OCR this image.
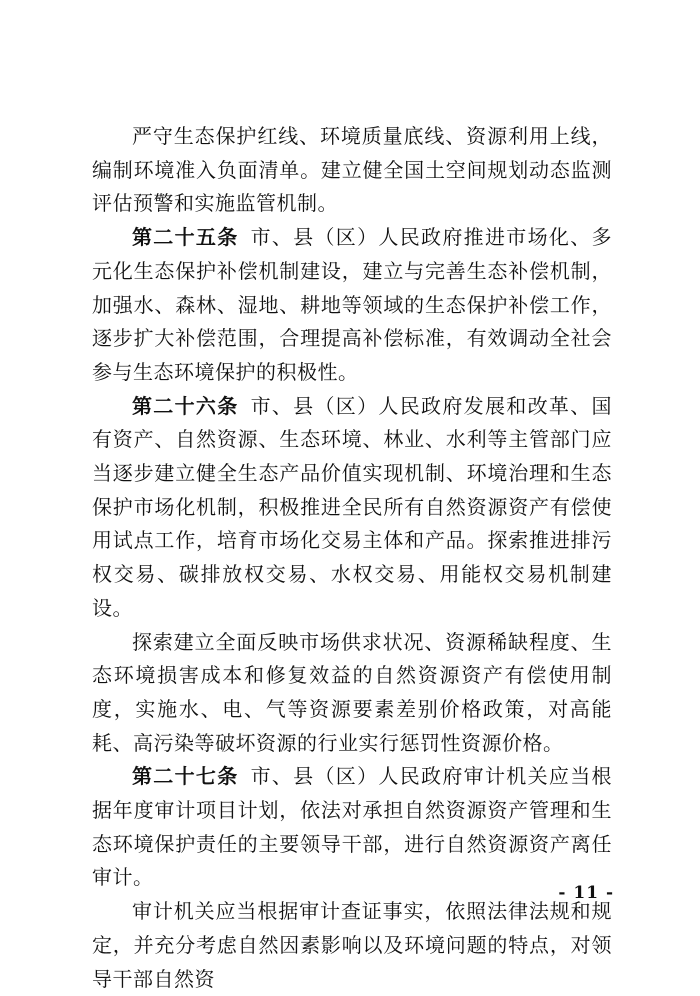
严守生态保护红线、环境质量底线、资源利用上线，编制环境准入负面清单。建立健全国土空间规划动态监测评估预警和实施监管机制。

第二十五条 市、县（区）人民政府推进市场化、多元化生态保护补偿机制建设，建立与完善生态补偿机制，加强水、森林、湿地、耕地等领域的生态保护补偿工作，逐步扩大补偿范围，合理提高补偿标准，有效调动全社会参与生态环境保护的积极性。

第二十六条 市、县（区）人民政府发展和改革、国有资产、自然资源、生态环境、林业、水利等主管部门应当逐步建立健全生态产品价值实现机制、环境治理和生态保护市场化机制，积极推进全民所有自然资源资产有偿使用试点工作，培育市场化交易主体和产品。探索推进排污权交易、碳排放权交易、水权交易、用能权交易机制建设。

探索建立全面反映市场供求状况、资源稀缺程度、生态环境损害成本和修复效益的自然资源资产有偿使用制度，实施水、电、气等资源要素差别价格政策，对高能耗、高污染等破坏资源的行业实行惩罚性资源价格。

第二十七条 市、县（区）人民政府审计机关应当根据年度审计项目计划，依法对承担自然资源资产管理和生态环境保护责任的主要领导干部，进行自然资源资产离任审计。

审计机关应当根据审计查证事实，依照法律法规和规定，并充分考虑自然因素影响以及环境问题的特点，对领导干部自然资

- 11 -
